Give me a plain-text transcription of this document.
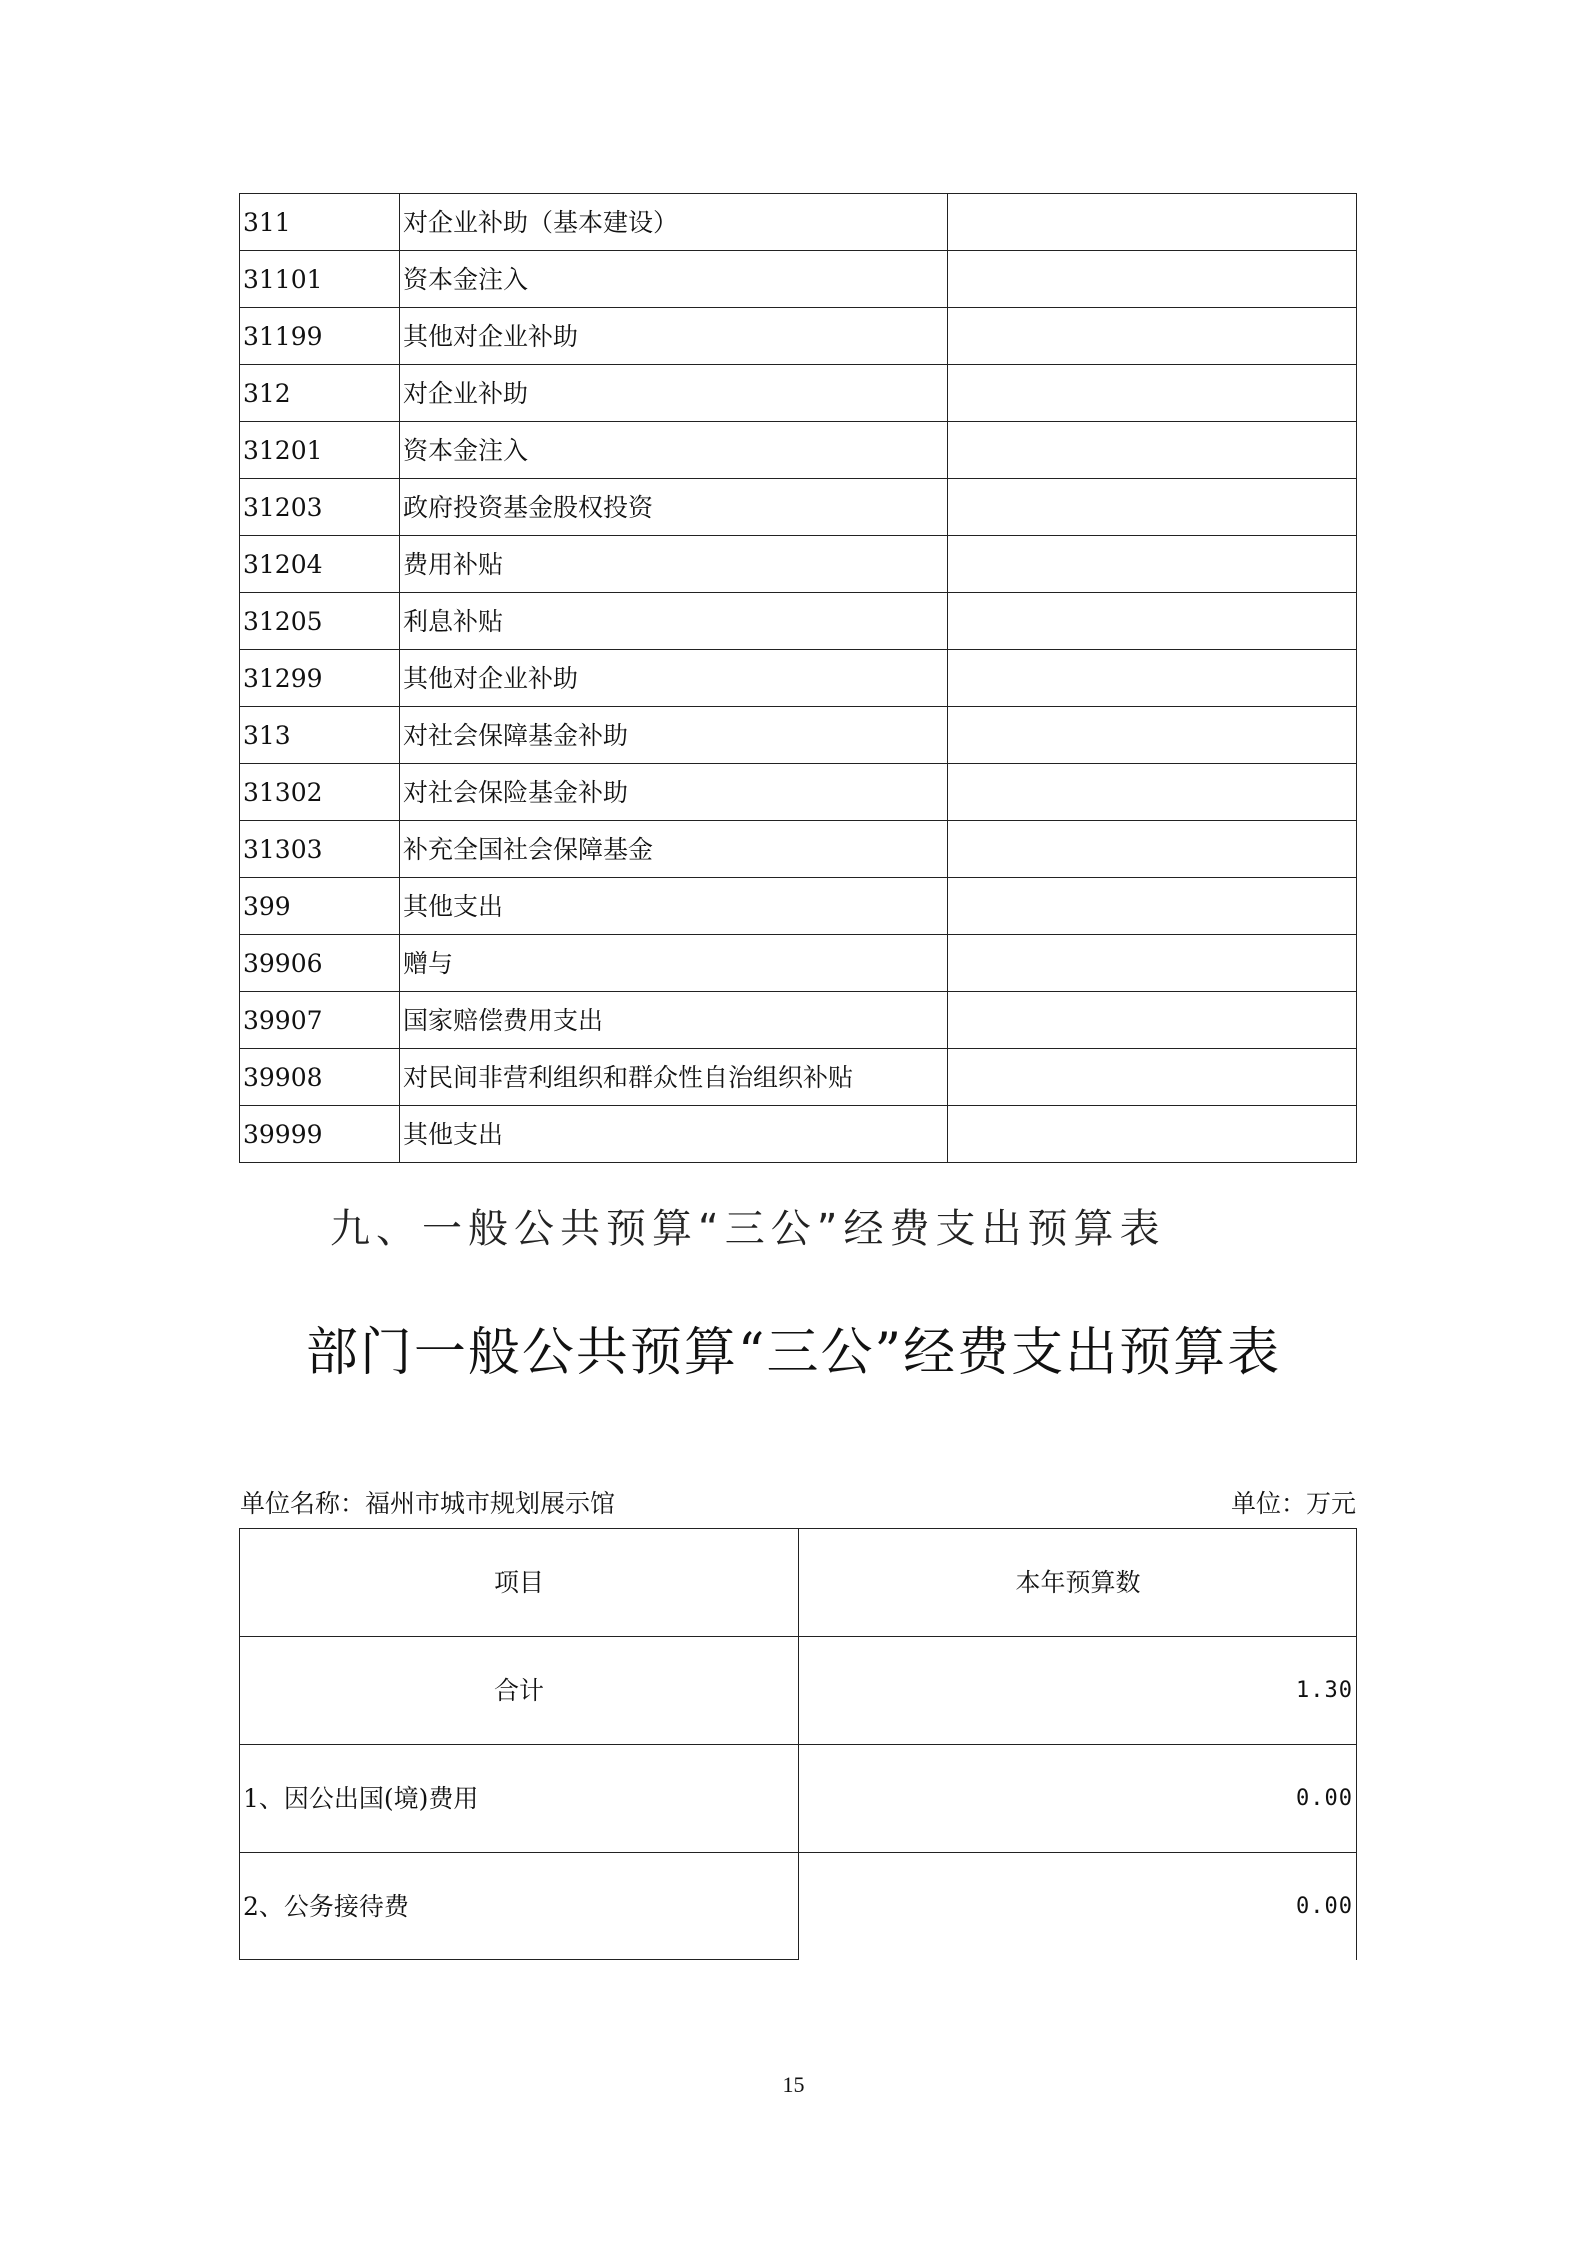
311	对企业补助（基本建设）	
31101	资本金注入	
31199	其他对企业补助	
312	对企业补助	
31201	资本金注入	
31203	政府投资基金股权投资	
31204	费用补贴	
31205	利息补贴	
31299	其他对企业补助	
313	对社会保障基金补助	
31302	对社会保险基金补助	
31303	补充全国社会保障基金	
399	其他支出	
39906	赠与	
39907	国家赔偿费用支出	
39908	对民间非营利组织和群众性自治组织补贴	
39999	其他支出	
九、一般公共预算“三公”经费支出预算表
部门一般公共预算“三公”经费支出预算表
单位名称：福州市城市规划展示馆	单位：万元
项目	本年预算数
合计	1.30
1、因公出国(境)费用	0.00
2、公务接待费	0.00
15
